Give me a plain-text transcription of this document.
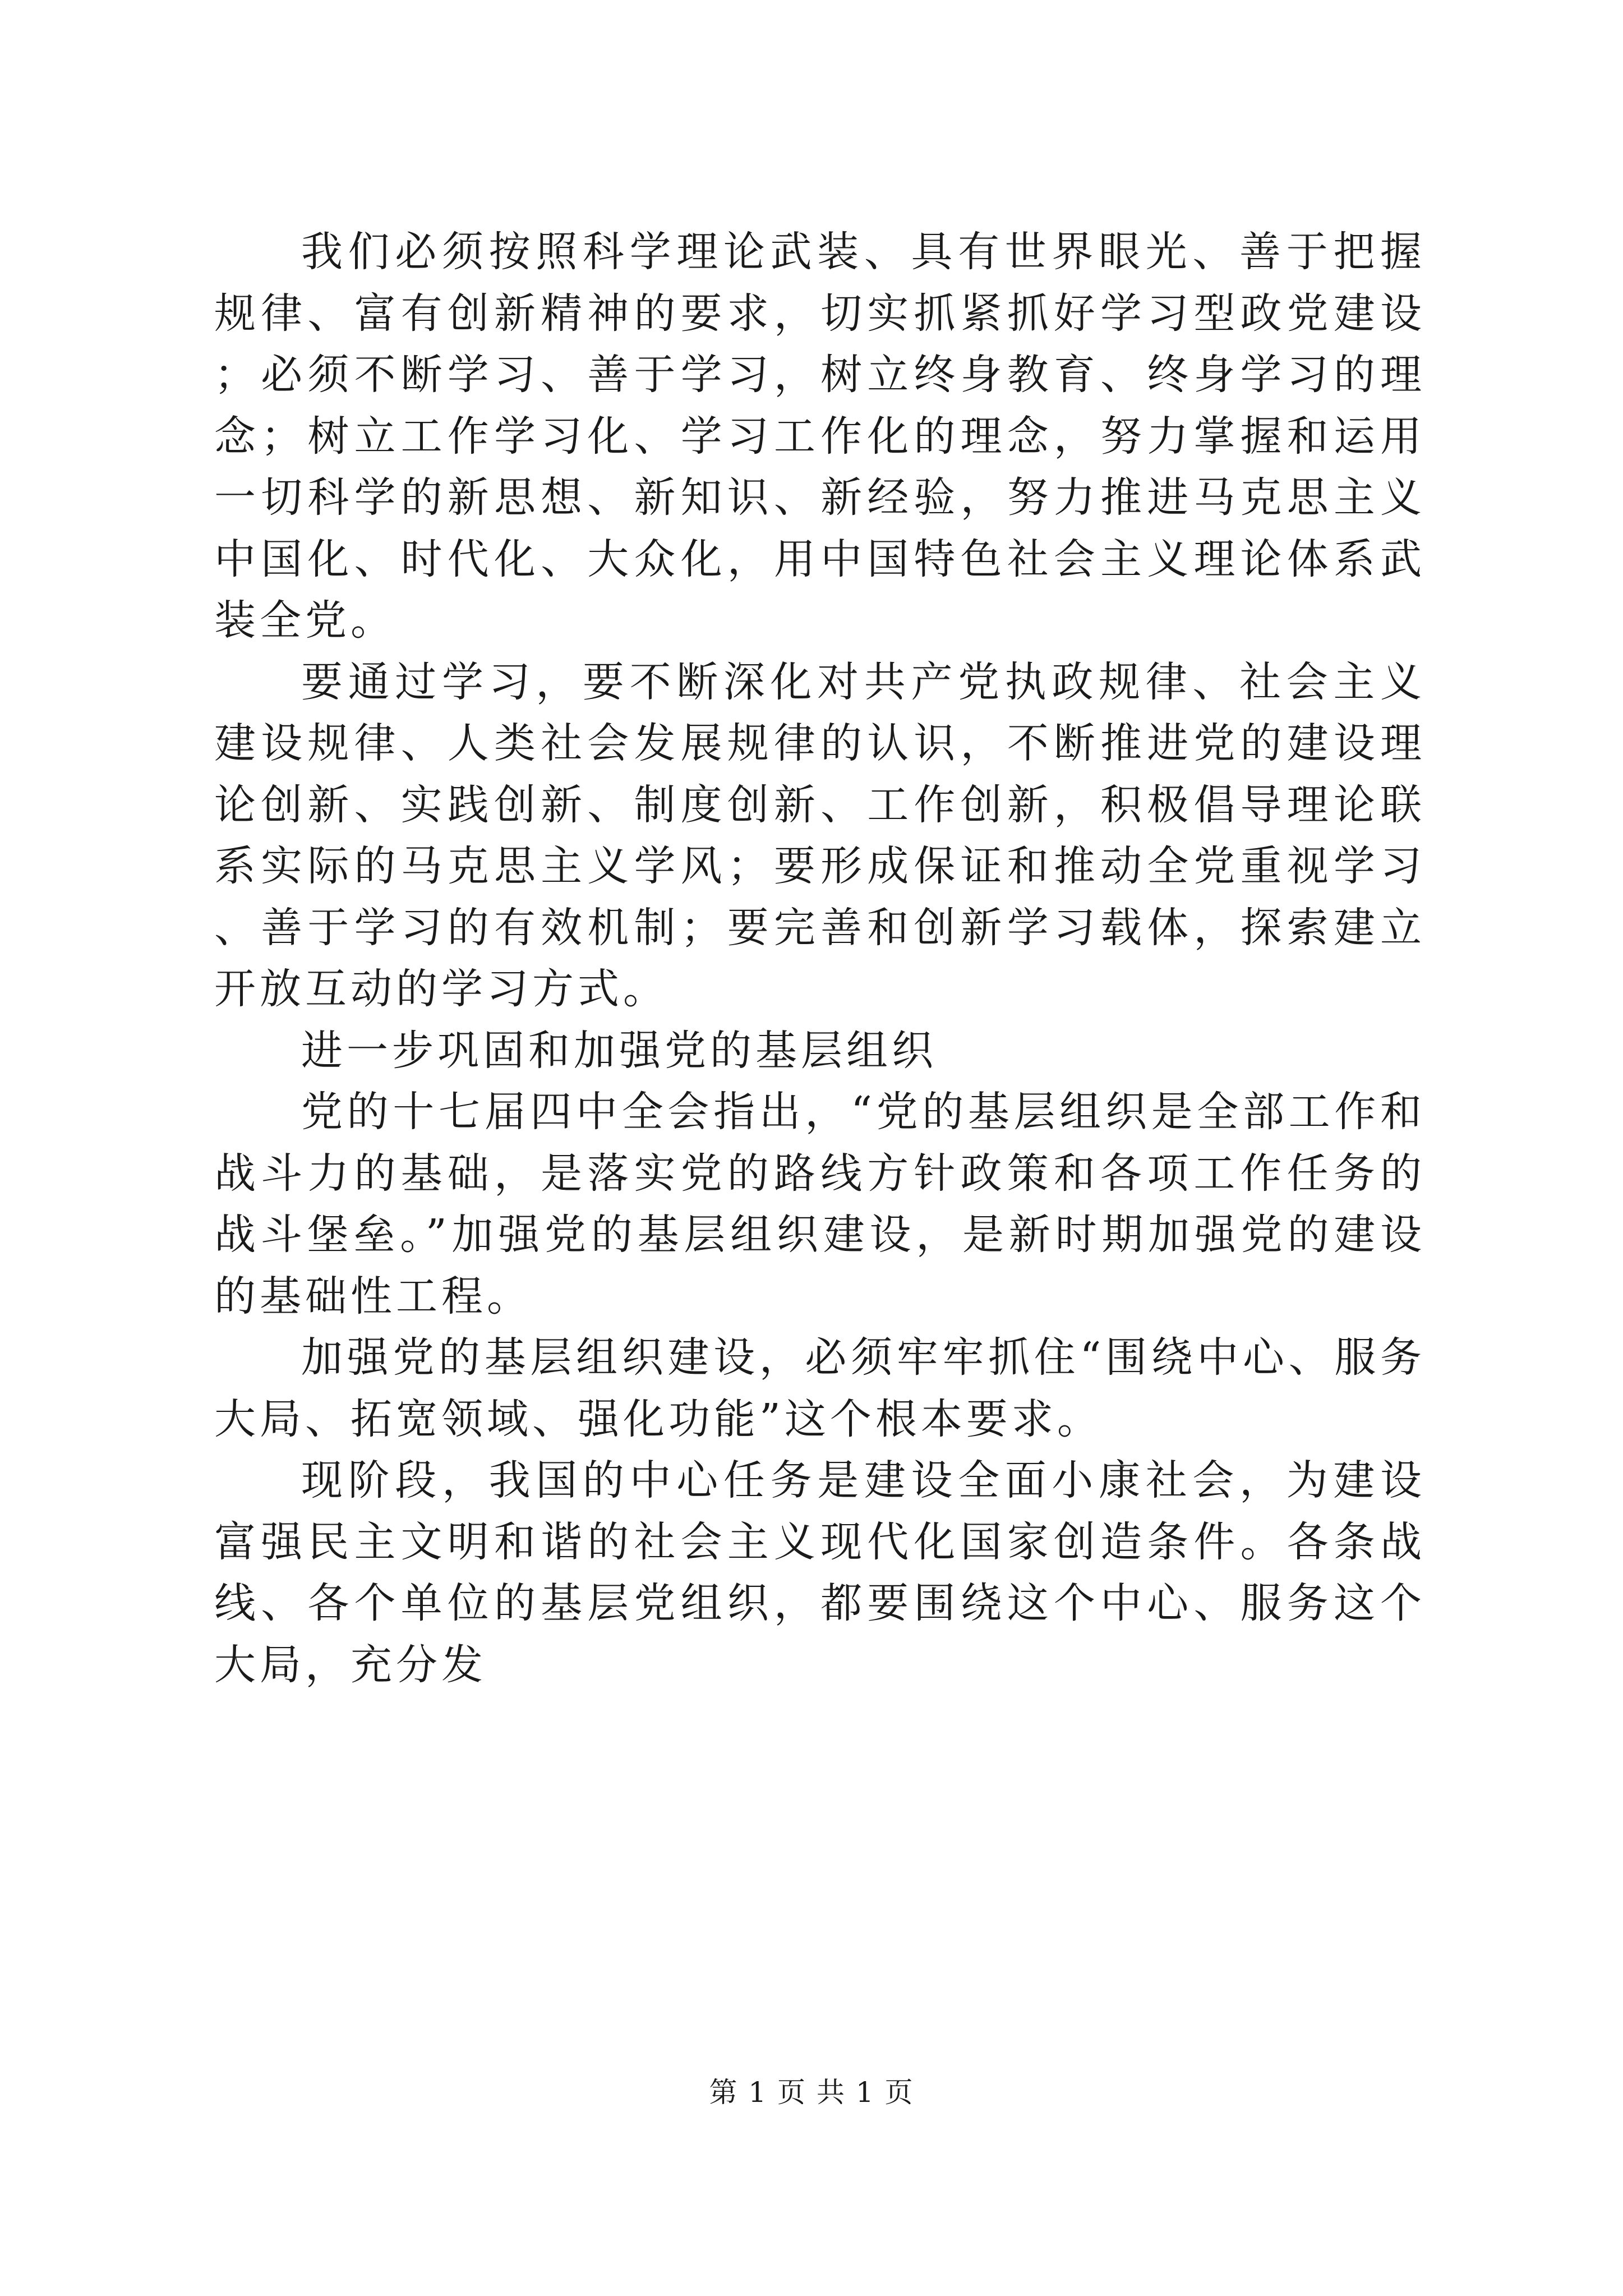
我们必须按照科学理论武装、具有世界眼光、善于把握规律、富有创新精神的要求，切实抓紧抓好学习型政党建设；必须不断学习、善于学习，树立终身教育、终身学习的理念；树立工作学习化、学习工作化的理念，努力掌握和运用一切科学的新思想、新知识、新经验，努力推进马克思主义中国化、时代化、大众化，用中国特色社会主义理论体系武装全党。

要通过学习，要不断深化对共产党执政规律、社会主义建设规律、人类社会发展规律的认识，不断推进党的建设理论创新、实践创新、制度创新、工作创新，积极倡导理论联系实际的马克思主义学风；要形成保证和推动全党重视学习、善于学习的有效机制；要完善和创新学习载体，探索建立开放互动的学习方式。

进一步巩固和加强党的基层组织

党的十七届四中全会指出，“党的基层组织是全部工作和战斗力的基础，是落实党的路线方针政策和各项工作任务的战斗堡垒。”加强党的基层组织建设，是新时期加强党的建设的基础性工程。

加强党的基层组织建设，必须牢牢抓住“围绕中心、服务大局、拓宽领域、强化功能”这个根本要求。

现阶段，我国的中心任务是建设全面小康社会，为建设富强民主文明和谐的社会主义现代化国家创造条件。各条战线、各个单位的基层党组织，都要围绕这个中心、服务这个大局，充分发

第 1 页 共 1 页
